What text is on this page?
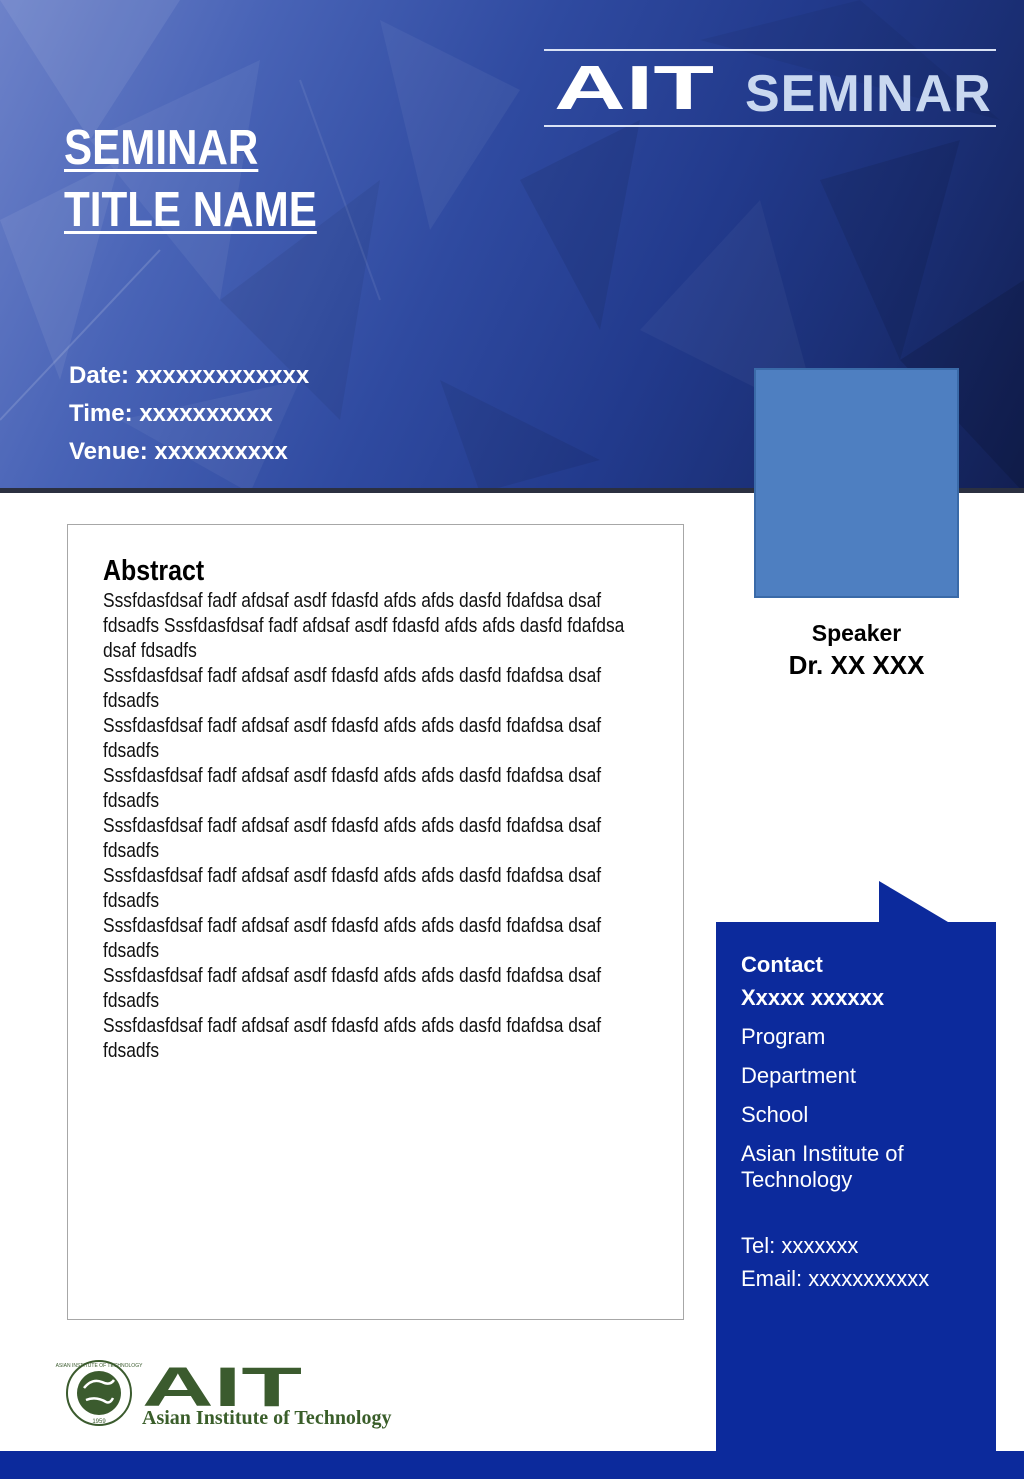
AIT SEMINAR
SEMINAR
TITLE NAME
Date: xxxxxxxxxxxxx
Time: xxxxxxxxxx
Venue: xxxxxxxxxx
Speaker
Dr. XX XXX
Abstract

Sssfdasfdsaf fadf afdsaf asdf fdasfd afds afds dasfd fdafdsa dsaf

fdsadfs Sssfdasfdsaf fadf afdsaf asdf fdasfd afds afds dasfd fdafdsa

dsaf fdsadfs

Sssfdasfdsaf fadf afdsaf asdf fdasfd afds afds dasfd fdafdsa dsaf

fdsadfs

Sssfdasfdsaf fadf afdsaf asdf fdasfd afds afds dasfd fdafdsa dsaf

fdsadfs

Sssfdasfdsaf fadf afdsaf asdf fdasfd afds afds dasfd fdafdsa dsaf

fdsadfs

Sssfdasfdsaf fadf afdsaf asdf fdasfd afds afds dasfd fdafdsa dsaf

fdsadfs

Sssfdasfdsaf fadf afdsaf asdf fdasfd afds afds dasfd fdafdsa dsaf

fdsadfs

Sssfdasfdsaf fadf afdsaf asdf fdasfd afds afds dasfd fdafdsa dsaf

fdsadfs

Sssfdasfdsaf fadf afdsaf asdf fdasfd afds afds dasfd fdafdsa dsaf

fdsadfs

Sssfdasfdsaf fadf afdsaf asdf fdasfd afds afds dasfd fdafdsa dsaf

fdsadfs

Contact
Xxxxx xxxxxx
Program
Department
School
Asian Institute of
Technology
Tel: xxxxxxx
Email: xxxxxxxxxxx
ASIAN INSTITUTE OF TECHNOLOGY
1959
AIT
Asian Institute of Technology
